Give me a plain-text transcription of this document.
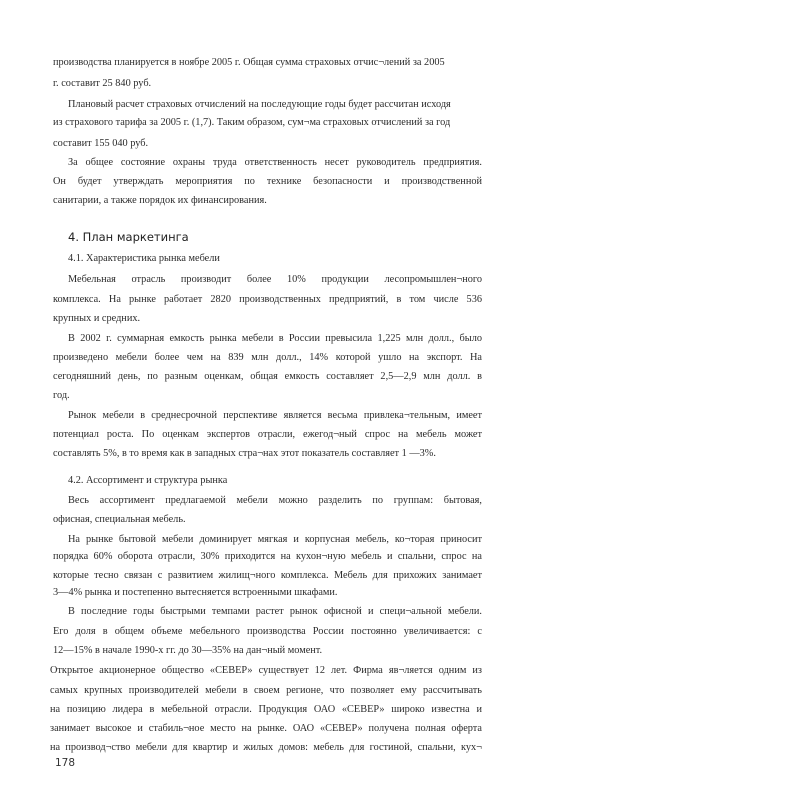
производства планируется в ноябре 2005 г. Общая сумма страховых отчис¬лений за 2005
г. составит 25 840 руб.
Плановый расчет страховых отчислений на последующие годы будет рассчитан исходя
из страхового тарифа за 2005 г. (1,7). Таким образом, сум¬ма страховых отчислений за год
составит 155 040 руб.
За общее состояние охраны труда ответственность несет руководитель предприятия.
Он будет утверждать мероприятия по технике безопасности и производственной
санитарии, а также порядок их финансирования.
4. План маркетинга
4.1. Характеристика рынка мебели
Мебельная отрасль производит более 10% продукции лесопромышлен¬ного
комплекса. На рынке работает 2820 производственных предприятий, в том числе 536
крупных и средних.
В 2002 г. суммарная емкость рынка мебели в России превысила 1,225 млн долл., было
произведено мебели более чем на 839 млн долл., 14% которой ушло на экспорт. На
сегодняшний день, по разным оценкам, общая емкость составляет 2,5—2,9 млн долл. в
год.
Рынок мебели в среднесрочной перспективе является весьма привлека¬тельным, имеет
потенциал роста. По оценкам экспертов отрасли, ежегод¬ный спрос на мебель может
составлять 5%, в то время как в западных стра¬нах этот показатель составляет 1 —3%.
4.2. Ассортимент и структура рынка
Весь ассортимент предлагаемой мебели можно разделить по группам: бытовая,
офисная, специальная мебель.
На рынке бытовой мебели доминирует мягкая и корпусная мебель, ко¬торая приносит
порядка 60% оборота отрасли, 30% приходится на кухон¬ную мебель и спальни, спрос на
которые тесно связан с развитием жилищ¬ного комплекса. Мебель для прихожих занимает
3—4% рынка и постепенно вытесняется встроенными шкафами.
В последние годы быстрыми темпами растет рынок офисной и специ¬альной мебели.
Его доля в общем объеме мебельного производства России постоянно увеличивается: с
12—15% в начале 1990-х гг. до 30—35% на дан¬ный момент.
Открытое акционерное общество «СЕВЕР» существует 12 лет. Фирма яв¬ляется одним из
самых крупных производителей мебели в своем регионе, что позволяет ему рассчитывать
на позицию лидера в мебельной отрасли. Продукция ОАО «СЕВЕР» широко известна и
занимает высокое и стабиль¬ное место на рынке. ОАО «СЕВЕР» получена полная оферта
на производ¬ство мебели для квартир и жилых домов: мебель для гостиной, спальни, кух¬
178
